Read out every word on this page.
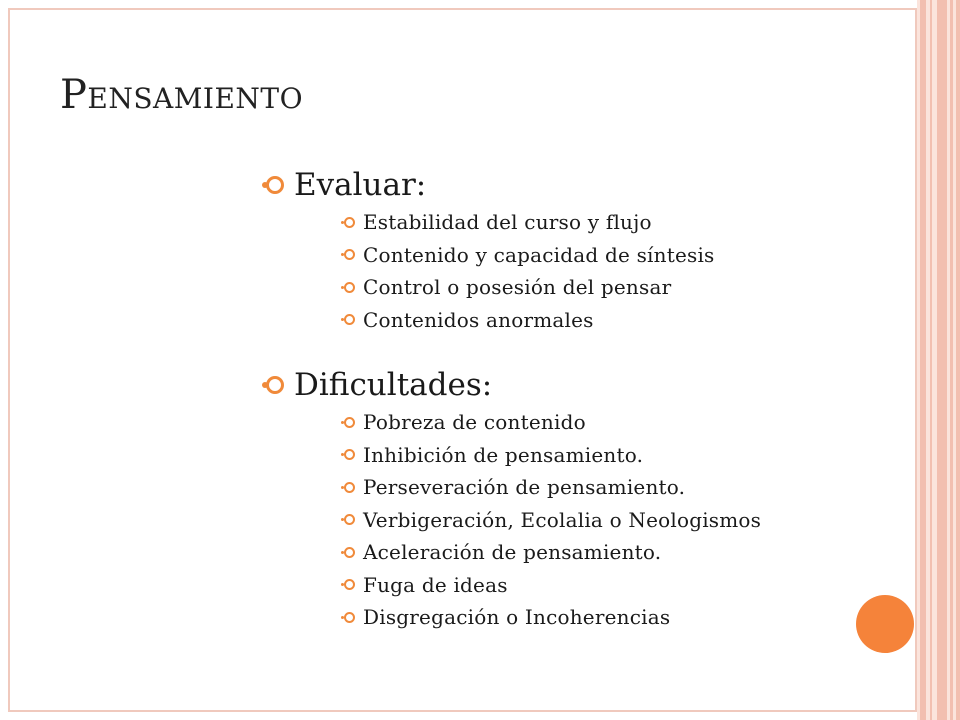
Pensamiento
Evaluar:
Estabilidad del curso y flujo
Contenido y capacidad de síntesis
Control o posesión del pensar
Contenidos anormales
Dificultades:
Pobreza de contenido
Inhibición de pensamiento.
Perseveración de pensamiento.
Verbigeración, Ecolalia o Neologismos
Aceleración de pensamiento.
Fuga de ideas
Disgregación o Incoherencias
